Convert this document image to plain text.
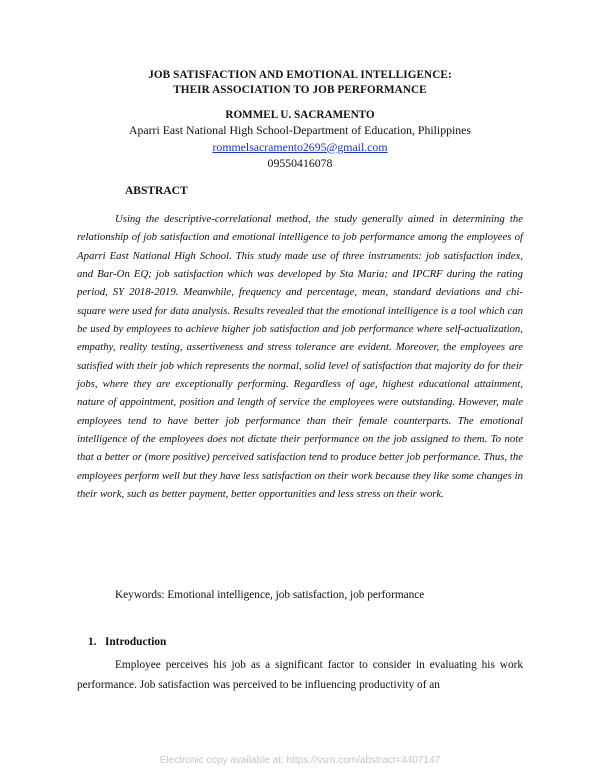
JOB SATISFACTION AND EMOTIONAL INTELLIGENCE:
THEIR ASSOCIATION TO JOB PERFORMANCE
ROMMEL U. SACRAMENTO
Aparri East National High School-Department of Education, Philippines
rommelsacramento2695@gmail.com
09550416078
ABSTRACT

Using the descriptive-correlational method, the study generally aimed in determining the relationship of job satisfaction and emotional intelligence to job performance among the employees of Aparri East National High School. This study made use of three instruments: job satisfaction index, and Bar-On EQ; job satisfaction which was developed by Sta Maria; and IPCRF during the rating period, SY 2018-2019. Meanwhile, frequency and percentage, mean, standard deviations and chi-square were used for data analysis. Results revealed that the emotional intelligence is a tool which can be used by employees to achieve higher job satisfaction and job performance where self-actualization, empathy, reality testing, assertiveness and stress tolerance are evident. Moreover, the employees are satisfied with their job which represents the normal, solid level of satisfaction that majority do for their jobs, where they are exceptionally performing. Regardless of age, highest educational attainment, nature of appointment, position and length of service the employees were outstanding. However, male employees tend to have better job performance than their female counterparts. The emotional intelligence of the employees does not dictate their performance on the job assigned to them. To note that a better or (more positive) perceived satisfaction tend to produce better job performance. Thus, the employees perform well but they have less satisfaction on their work because they like some changes in their work, such as better payment, better opportunities and less stress on their work.

Keywords: Emotional intelligence, job satisfaction, job performance
1. Introduction

Employee perceives his job as a significant factor to consider in evaluating his work performance. Job satisfaction was perceived to be influencing productivity of an

Electronic copy available at: https://ssrn.com/abstract=4407147
